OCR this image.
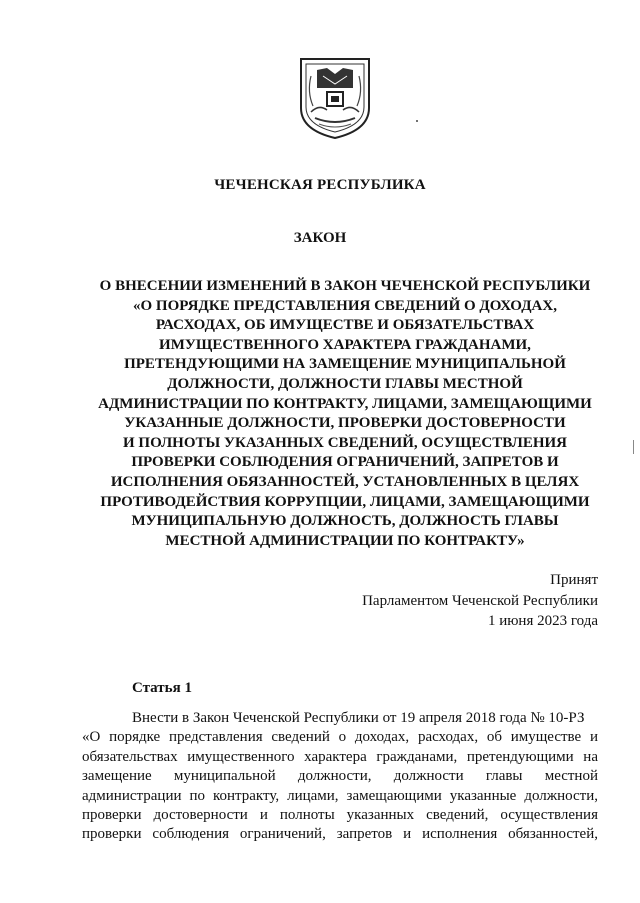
ЧЕЧЕНСКАЯ РЕСПУБЛИКА
ЗАКОН
О ВНЕСЕНИИ ИЗМЕНЕНИЙ В ЗАКОН ЧЕЧЕНСКОЙ РЕСПУБЛИКИ
«О ПОРЯДКЕ ПРЕДСТАВЛЕНИЯ СВЕДЕНИЙ О ДОХОДАХ,
РАСХОДАХ, ОБ ИМУЩЕСТВЕ И ОБЯЗАТЕЛЬСТВАХ
ИМУЩЕСТВЕННОГО ХАРАКТЕРА ГРАЖДАНАМИ,
ПРЕТЕНДУЮЩИМИ НА ЗАМЕЩЕНИЕ МУНИЦИПАЛЬНОЙ
ДОЛЖНОСТИ, ДОЛЖНОСТИ ГЛАВЫ МЕСТНОЙ
АДМИНИСТРАЦИИ ПО КОНТРАКТУ, ЛИЦАМИ, ЗАМЕЩАЮЩИМИ
УКАЗАННЫЕ ДОЛЖНОСТИ, ПРОВЕРКИ ДОСТОВЕРНОСТИ
И ПОЛНОТЫ УКАЗАННЫХ СВЕДЕНИЙ, ОСУЩЕСТВЛЕНИЯ
ПРОВЕРКИ СОБЛЮДЕНИЯ ОГРАНИЧЕНИЙ, ЗАПРЕТОВ И
ИСПОЛНЕНИЯ ОБЯЗАННОСТЕЙ, УСТАНОВЛЕННЫХ В ЦЕЛЯХ
ПРОТИВОДЕЙСТВИЯ КОРРУПЦИИ, ЛИЦАМИ, ЗАМЕЩАЮЩИМИ
МУНИЦИПАЛЬНУЮ ДОЛЖНОСТЬ, ДОЛЖНОСТЬ ГЛАВЫ
МЕСТНОЙ АДМИНИСТРАЦИИ ПО КОНТРАКТУ»
Принят
Парламентом Чеченской Республики
1 июня 2023 года
Статья 1
Внести в Закон Чеченской Республики от 19 апреля 2018 года № 10-РЗ
«О порядке представления сведений о доходах, расходах, об имуществе и
обязательствах имущественного характера гражданами, претендующими на
замещение муниципальной должности, должности главы местной
администрации по контракту, лицами, замещающими указанные должности,
проверки достоверности и полноты указанных сведений, осуществления
проверки соблюдения ограничений, запретов и исполнения обязанностей,
